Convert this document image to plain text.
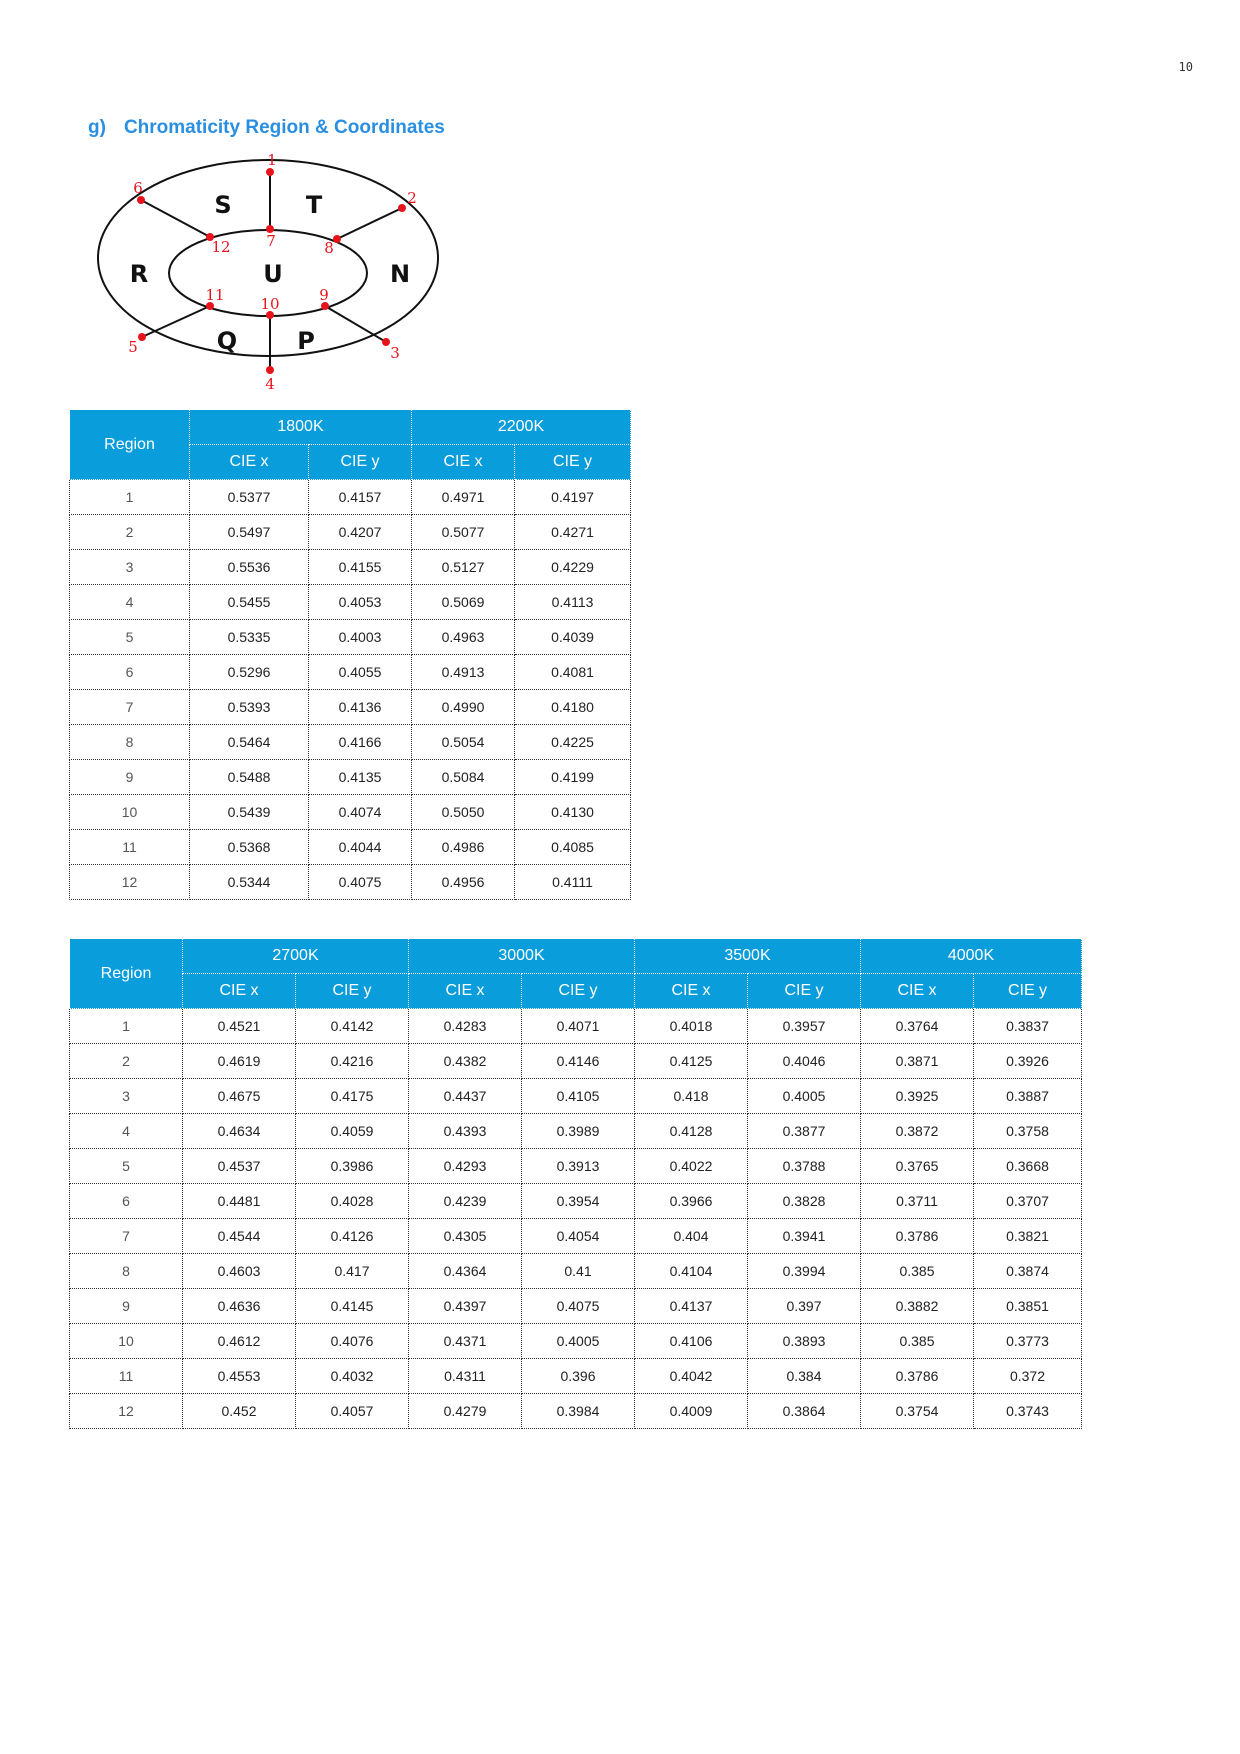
10
g) Chromaticity Region & Coordinates
S	T
R	U	N
Q	P
1
2
3
4
5
6
7	8
9
10
11
12
Region	1800K		2200K	
	CIE x	CIE y	CIE x	CIE y
1	0.5377	0.4157	0.4971	0.4197
2	0.5497	0.4207	0.5077	0.4271
3	0.5536	0.4155	0.5127	0.4229
4	0.5455	0.4053	0.5069	0.4113
5	0.5335	0.4003	0.4963	0.4039
6	0.5296	0.4055	0.4913	0.4081
7	0.5393	0.4136	0.4990	0.4180
8	0.5464	0.4166	0.5054	0.4225
9	0.5488	0.4135	0.5084	0.4199
10	0.5439	0.4074	0.5050	0.4130
11	0.5368	0.4044	0.4986	0.4085
12	0.5344	0.4075	0.4956	0.4111
Region	2700K		3000K		3500K		4000K	
	CIE x	CIE y	CIE x	CIE y	CIE x	CIE y	CIE x	CIE y
1	0.4521	0.4142	0.4283	0.4071	0.4018	0.3957	0.3764	0.3837
2	0.4619	0.4216	0.4382	0.4146	0.4125	0.4046	0.3871	0.3926
3	0.4675	0.4175	0.4437	0.4105	0.418	0.4005	0.3925	0.3887
4	0.4634	0.4059	0.4393	0.3989	0.4128	0.3877	0.3872	0.3758
5	0.4537	0.3986	0.4293	0.3913	0.4022	0.3788	0.3765	0.3668
6	0.4481	0.4028	0.4239	0.3954	0.3966	0.3828	0.3711	0.3707
7	0.4544	0.4126	0.4305	0.4054	0.404	0.3941	0.3786	0.3821
8	0.4603	0.417	0.4364	0.41	0.4104	0.3994	0.385	0.3874
9	0.4636	0.4145	0.4397	0.4075	0.4137	0.397	0.3882	0.3851
10	0.4612	0.4076	0.4371	0.4005	0.4106	0.3893	0.385	0.3773
11	0.4553	0.4032	0.4311	0.396	0.4042	0.384	0.3786	0.372
12	0.452	0.4057	0.4279	0.3984	0.4009	0.3864	0.3754	0.3743
